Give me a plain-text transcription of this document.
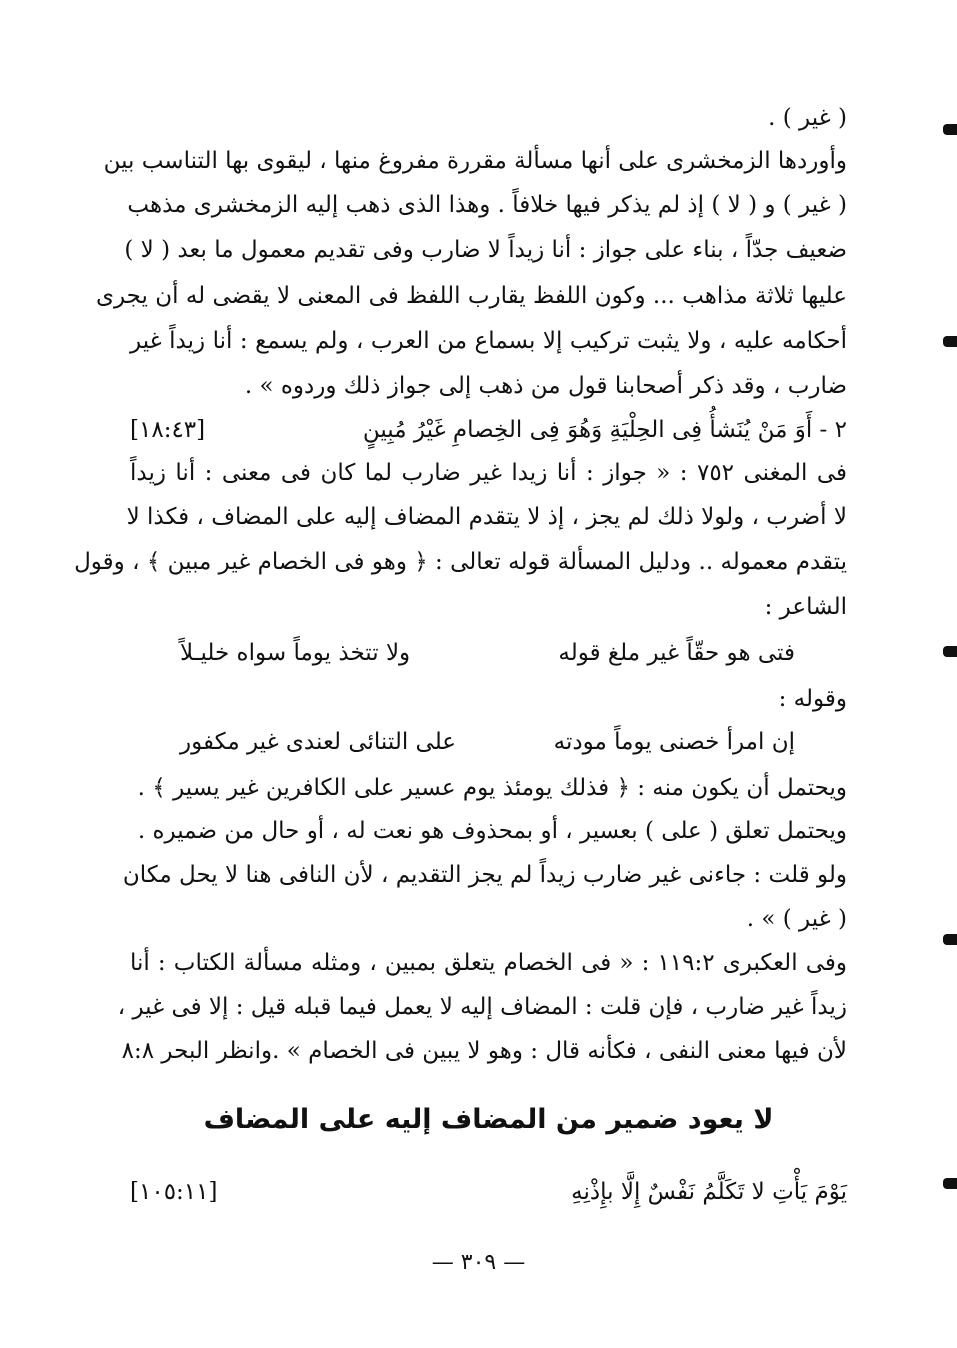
( غير ) .
وأوردها الزمخشرى على أنها مسألة مقررة مفروغ منها ، ليقوى بها التناسب بين
( غير ) و ( لا ) إذ لم يذكر فيها خلافاً . وهذا الذى ذهب إليه الزمخشرى مذهب
ضعيف جدّاً ، بناء على جواز : أنا زيداً لا ضارب وفى تقديم معمول ما بعد ( لا )
عليها ثلاثة مذاهب ... وكون اللفظ يقارب اللفظ فى المعنى لا يقضى له أن يجرى
أحكامه عليه ، ولا يثبت تركيب إلا بسماع من العرب ، ولم يسمع : أنا زيداً غير
ضارب ، وقد ذكر أصحابنا قول من ذهب إلى جواز ذلك وردوه » .
٢ - أَوَ مَنْ يُنَشأُ فِى الحِلْيَةِ وَهُوَ فِى الخِصامِ غَيْرُ مُبِينٍ
[١٨:٤٣]
فى المغنى ٧٥٢ : « جواز : أنا زيدا غير ضارب لما كان فى معنى : أنا زيداً
لا أضرب ، ولولا ذلك لم يجز ، إذ لا يتقدم المضاف إليه على المضاف ، فكذا لا
يتقدم معموله .. ودليل المسألة قوله تعالى : ﴿ وهو فى الخصام غير مبين ﴾ ، وقول
الشاعر :
فتى هو حقّاً غير ملغ قوله
ولا تتخذ يوماً سواه خليـلاً
وقوله :
إن امرأ خصنى يوماً مودته
على التنائى لعندى غير مكفور
ويحتمل أن يكون منه : ﴿ فذلك يومئذ يوم عسير على الكافرين غير يسير ﴾ .
ويحتمل تعلق ( على ) بعسير ، أو بمحذوف هو نعت له ، أو حال من ضميره .
ولو قلت : جاءنى غير ضارب زيداً لم يجز التقديم ، لأن النافى هنا لا يحل مكان
( غير ) » .
وفى العكبرى ١١٩:٢ : « فى الخصام يتعلق بمبين ، ومثله مسألة الكتاب : أنا
زيداً غير ضارب ، فإن قلت : المضاف إليه لا يعمل فيما قبله قيل : إلا فى غير ،
لأن فيها معنى النفى ، فكأنه قال : وهو لا يبين فى الخصام » .وانظر البحر ٨:٨
لا يعود ضمير من المضاف إليه على المضاف
يَوْمَ يَأْتِ لا تَكَلَّمُ نَفْسٌ إِلَّا بإِذْنِهِ
[١٠٥:١١]
— ٣٠٩ —
